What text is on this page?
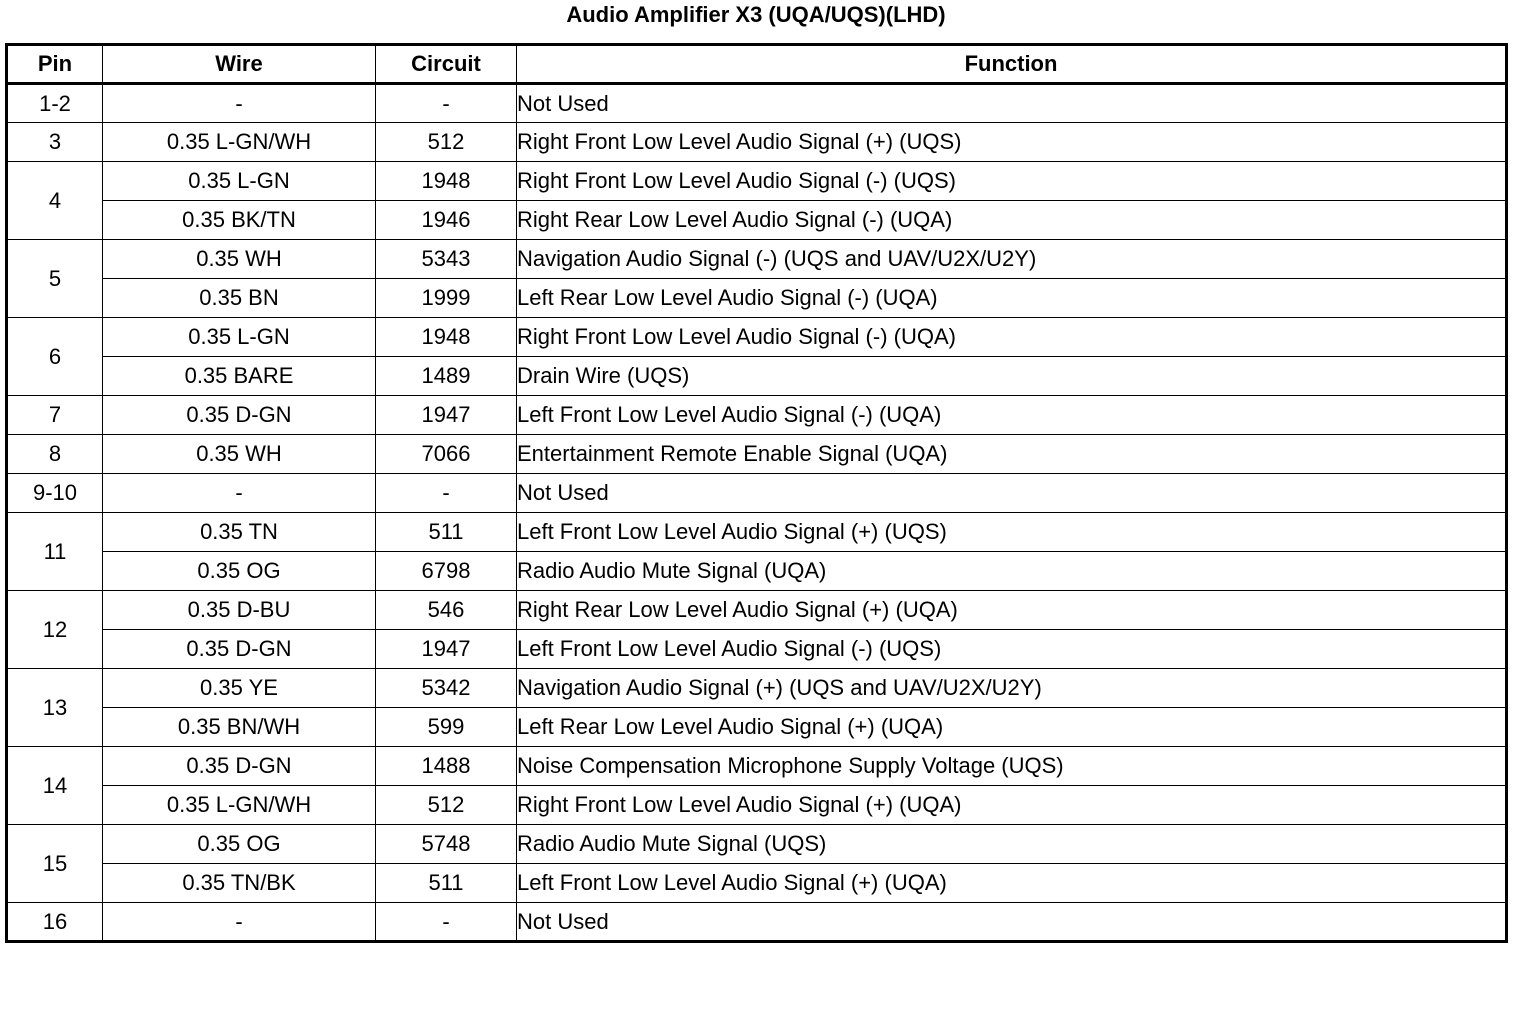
Audio Amplifier X3 (UQA/UQS)(LHD)
Pin	Wire	Circuit	Function
1-2	-	-	Not Used
3	0.35 L-GN/WH	512	Right Front Low Level Audio Signal (+) (UQS)
4	0.35 L-GN	1948	Right Front Low Level Audio Signal (-) (UQS)
	0.35 BK/TN	1946	Right Rear Low Level Audio Signal (-) (UQA)
5	0.35 WH	5343	Navigation Audio Signal (-) (UQS and UAV/U2X/U2Y)
	0.35 BN	1999	Left Rear Low Level Audio Signal (-) (UQA)
6	0.35 L-GN	1948	Right Front Low Level Audio Signal (-) (UQA)
	0.35 BARE	1489	Drain Wire (UQS)
7	0.35 D-GN	1947	Left Front Low Level Audio Signal (-) (UQA)
8	0.35 WH	7066	Entertainment Remote Enable Signal (UQA)
9-10	-	-	Not Used
11	0.35 TN	511	Left Front Low Level Audio Signal (+) (UQS)
	0.35 OG	6798	Radio Audio Mute Signal (UQA)
12	0.35 D-BU	546	Right Rear Low Level Audio Signal (+) (UQA)
	0.35 D-GN	1947	Left Front Low Level Audio Signal (-) (UQS)
13	0.35 YE	5342	Navigation Audio Signal (+) (UQS and UAV/U2X/U2Y)
	0.35 BN/WH	599	Left Rear Low Level Audio Signal (+) (UQA)
14	0.35 D-GN	1488	Noise Compensation Microphone Supply Voltage (UQS)
	0.35 L-GN/WH	512	Right Front Low Level Audio Signal (+) (UQA)
15	0.35 OG	5748	Radio Audio Mute Signal (UQS)
	0.35 TN/BK	511	Left Front Low Level Audio Signal (+) (UQA)
16	-	-	Not Used
